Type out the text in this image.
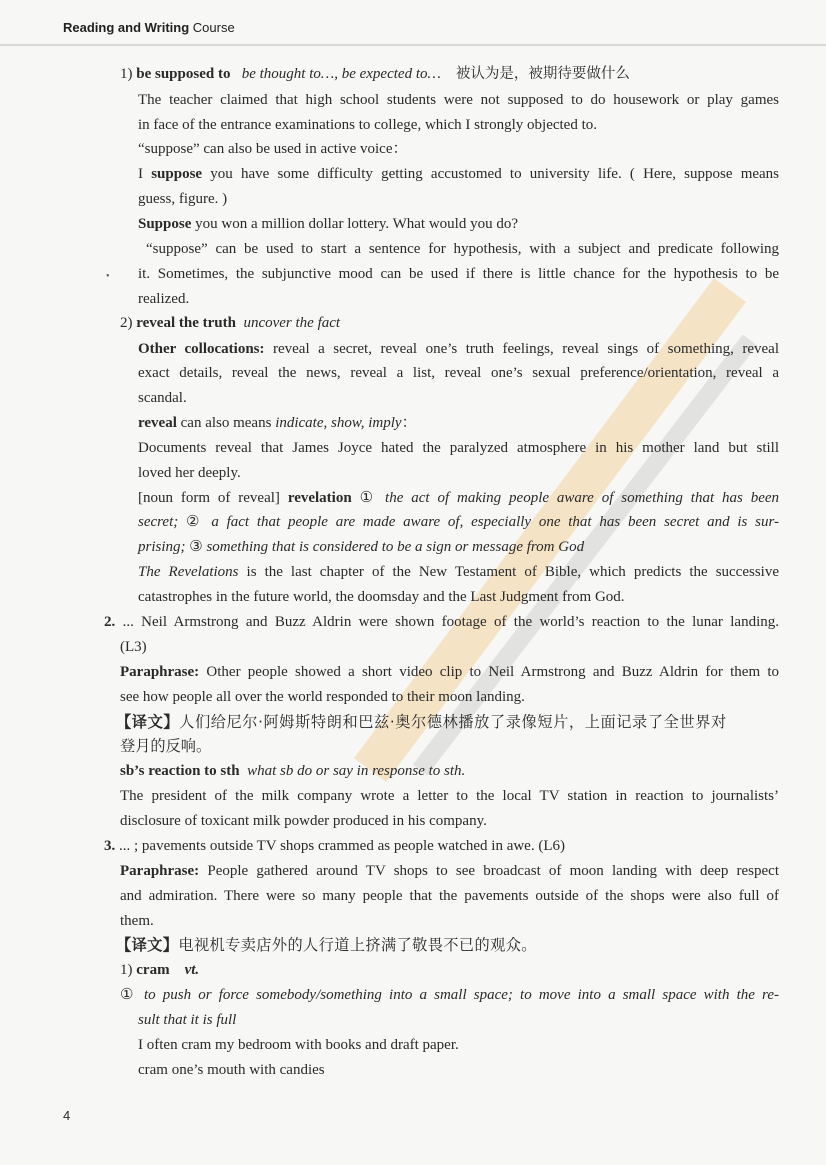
Reading and Writing Course
•
1) be supposed to be thought to…, be expected to… 被认为是，被期待要做什么
The teacher claimed that high school students were not supposed to do housework or play games
in face of the entrance examinations to college, which I strongly objected to.
“suppose” can also be used in active voice：
I suppose you have some difficulty getting accustomed to university life. ( Here, suppose means
guess, figure. )
Suppose you won a million dollar lottery. What would you do?
“suppose” can be used to start a sentence for hypothesis, with a subject and predicate following
it. Sometimes, the subjunctive mood can be used if there is little chance for the hypothesis to be
realized.
2) reveal the truth uncover the fact
Other collocations: reveal a secret, reveal one’s truth feelings, reveal sings of something, reveal
exact details, reveal the news, reveal a list, reveal one’s sexual preference/orientation, reveal a
scandal.
reveal can also means indicate, show, imply：
Documents reveal that James Joyce hated the paralyzed atmosphere in his mother land but still
loved her deeply.
[noun form of reveal] revelation ① the act of making people aware of something that has been
secret; ② a fact that people are made aware of, especially one that has been secret and is sur-
prising; ③ something that is considered to be a sign or message from God
The Revelations is the last chapter of the New Testament of Bible, which predicts the successive
catastrophes in the future world, the doomsday and the Last Judgment from God.
2. ... Neil Armstrong and Buzz Aldrin were shown footage of the world’s reaction to the lunar landing.
(L3)
Paraphrase: Other people showed a short video clip to Neil Armstrong and Buzz Aldrin for them to
see how people all over the world responded to their moon landing.
【译文】人们给尼尔·阿姆斯特朗和巴兹·奥尔德林播放了录像短片，上面记录了全世界对
登月的反响。
sb’s reaction to sth what sb do or say in response to sth.
The president of the milk company wrote a letter to the local TV station in reaction to journalists’
disclosure of toxicant milk powder produced in his company.
3. ... ; pavements outside TV shops crammed as people watched in awe. (L6)
Paraphrase: People gathered around TV shops to see broadcast of moon landing with deep respect
and admiration. There were so many people that the pavements outside of the shops were also full of
them.
【译文】电视机专卖店外的人行道上挤满了敬畏不已的观众。
1) cram vt.
① to push or force somebody/something into a small space; to move into a small space with the re-
sult that it is full
I often cram my bedroom with books and draft paper.
cram one’s mouth with candies
4
